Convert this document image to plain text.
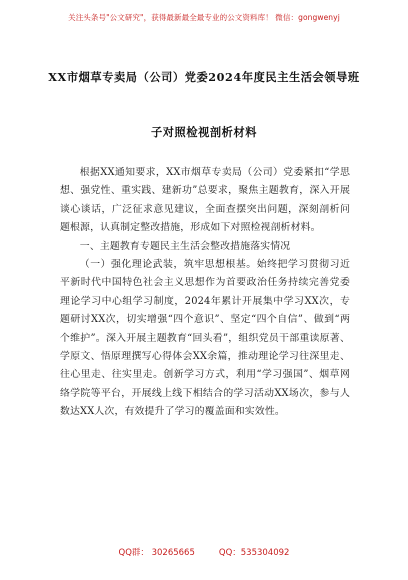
关注头条号"公文研究"，获得最新最全最专业的公文资料库！ 微信：gongwenyj
XX市烟草专卖局（公司）党委2024年度民主生活会领导班
子对照检视剖析材料

根据XX通知要求，XX市烟草专卖局（公司）党委紧扣“学思想、强党性、重实践、建新功”总要求，聚焦主题教育，深入开展谈心谈话，广泛征求意见建议，全面查摆突出问题，深刻剖析问题根源，认真制定整改措施，形成如下对照检视剖析材料。

一、主题教育专题民主生活会整改措施落实情况

（一）强化理论武装，筑牢思想根基。始终把学习贯彻习近平新时代中国特色社会主义思想作为首要政治任务持续完善党委理论学习中心组学习制度，2024年累计开展集中学习XX次，专题研讨XX次，切实增强“四个意识”、坚定“四个自信”、做到“两个维护”。深入开展主题教育“回头看”，组织党员干部重读原著、学原文、悟原理撰写心得体会XX余篇，推动理论学习往深里走、往心里走、往实里走。创新学习方式，利用“学习强国”、烟草网络学院等平台，开展线上线下相结合的学习活动XX场次，参与人数达XX人次，有效提升了学习的覆盖面和实效性。

QQ群： 30265665	QQ：535304092
